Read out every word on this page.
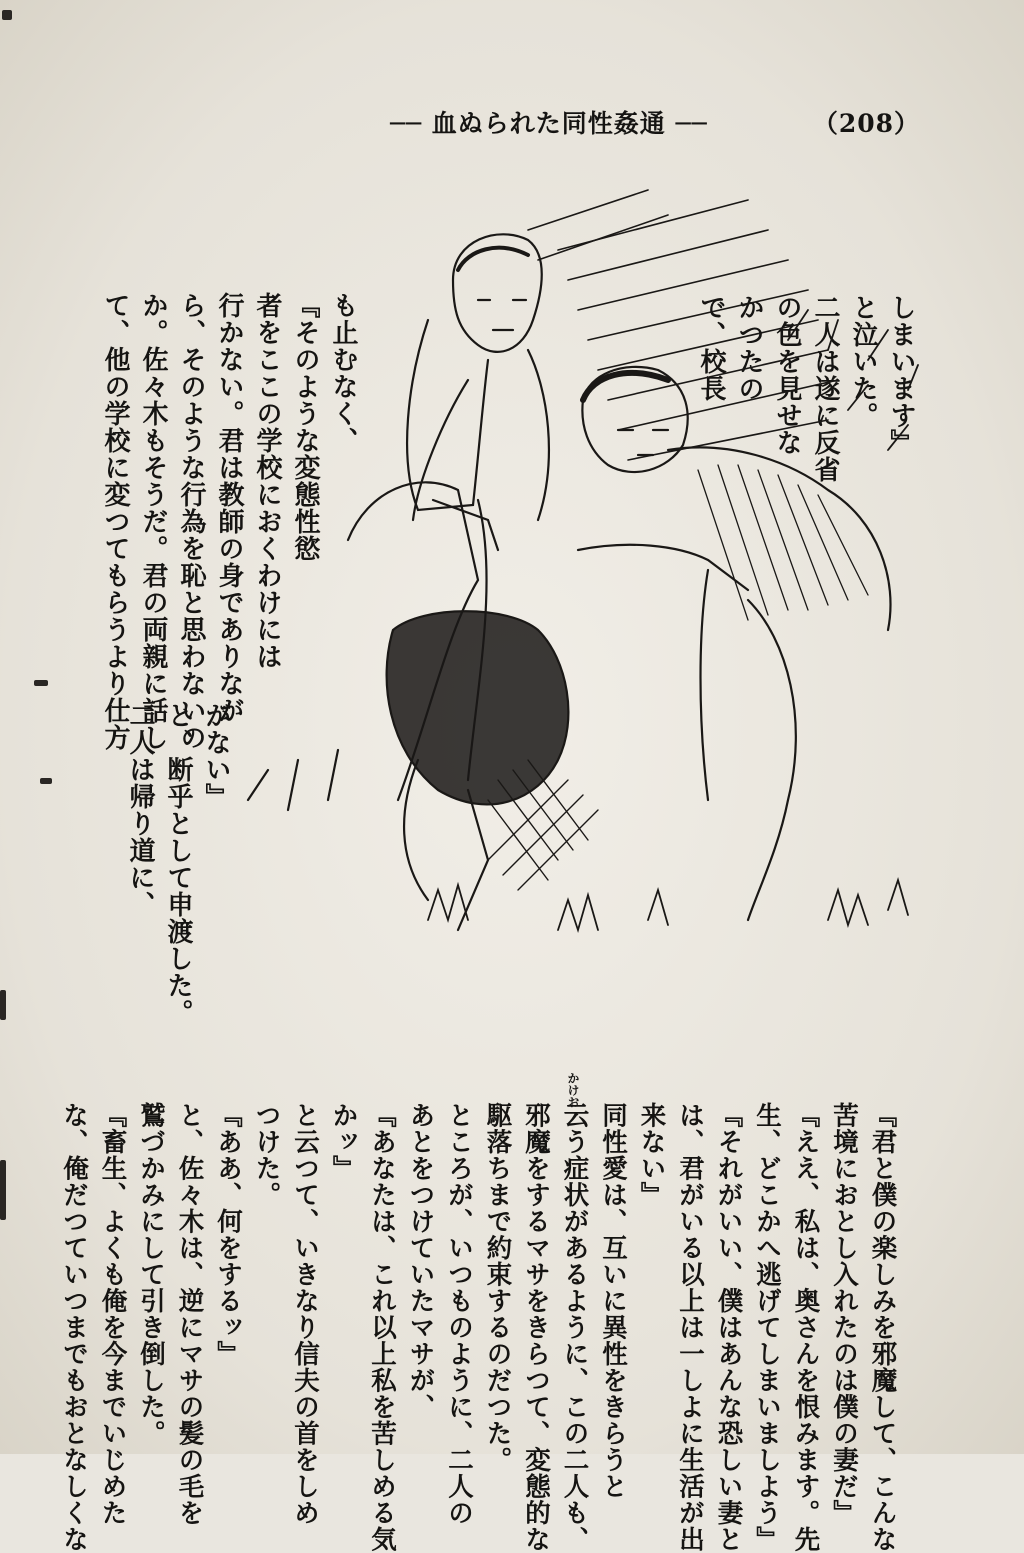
── 血ぬられた同性姦通 ──	（208）

しまいます』
と泣いた。
二人は遂に反省
の色を見せな
かつたの
で、校長

も止むなく、
『そのような変態性慾
者をここの学校におくわけには
行かない。君は教師の身でありなが
ら、そのような行為を恥と思わないの
か。佐々木もそうだ。君の両親に話し
て、他の学校に変つてもらうより仕方

がない』
と、断乎として申渡した。
二人は帰り道に、

『君と僕の楽しみを邪魔して、こんな
苦境におとし入れたのは僕の妻だ』
『ええ、私は、奥さんを恨みます。先
生、どこかへ逃げてしまいましよう』
『それがいい、僕はあんな恐しい妻と
は、君がいる以上は一しよに生活が出
来ない』
同性愛は、互いに異性をきらうと
云う症状があるように、この二人も、
邪魔をするマサをきらつて、変態的な
駆落ちまで約束するのだつた。
ところが、いつものように、二人の
あとをつけていたマサが、
『あなたは、これ以上私を苦しめる気
かッ』
と云つて、いきなり信夫の首をしめ
つけた。
『ああ、何をするッ』
と、佐々木は、逆にマサの髪の毛を
鷲づかみにして引き倒した。
『畜生、よくも俺を今までいじめた
な、俺だつていつまでもおとなしくな

かけお
